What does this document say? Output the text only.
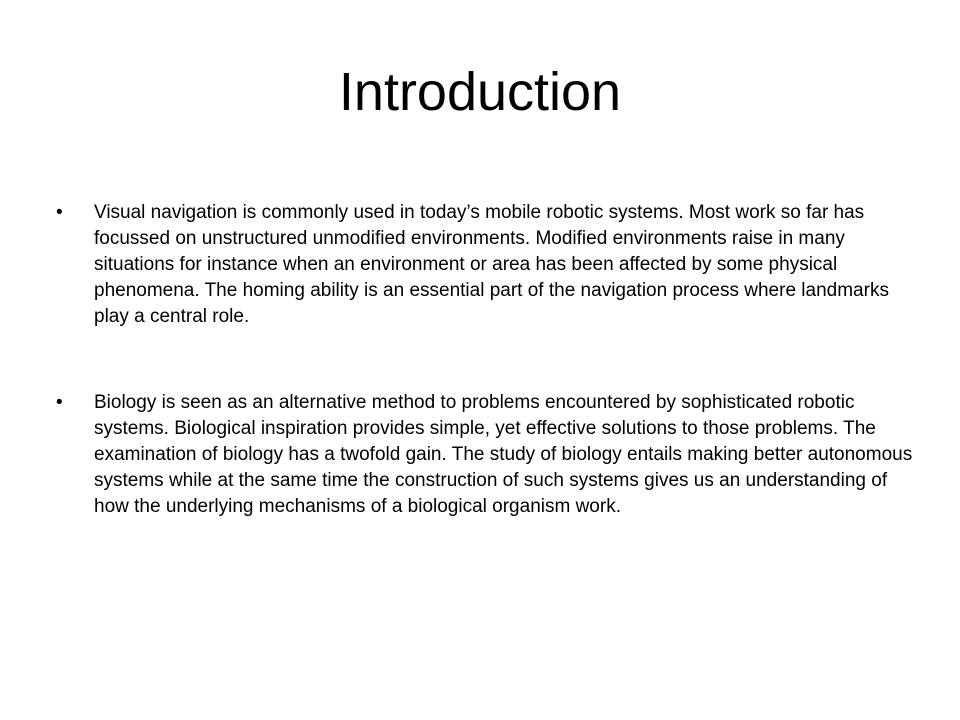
Introduction
•	Visual navigation is commonly used in today’s mobile robotic systems. Most work so far has focussed on unstructured unmodified environments. Modified environments raise in many situations for instance when an environment or area has been affected by some physical phenomena. The homing ability is an essential part of the navigation process where landmarks play a central role.
•	Biology is seen as an alternative method to problems encountered by sophisticated robotic systems. Biological inspiration provides simple, yet effective solutions to those problems. The examination of biology has a twofold gain. The study of biology entails making better autonomous systems while at the same time the construction of such systems gives us an understanding of how the underlying mechanisms of a biological organism work.
